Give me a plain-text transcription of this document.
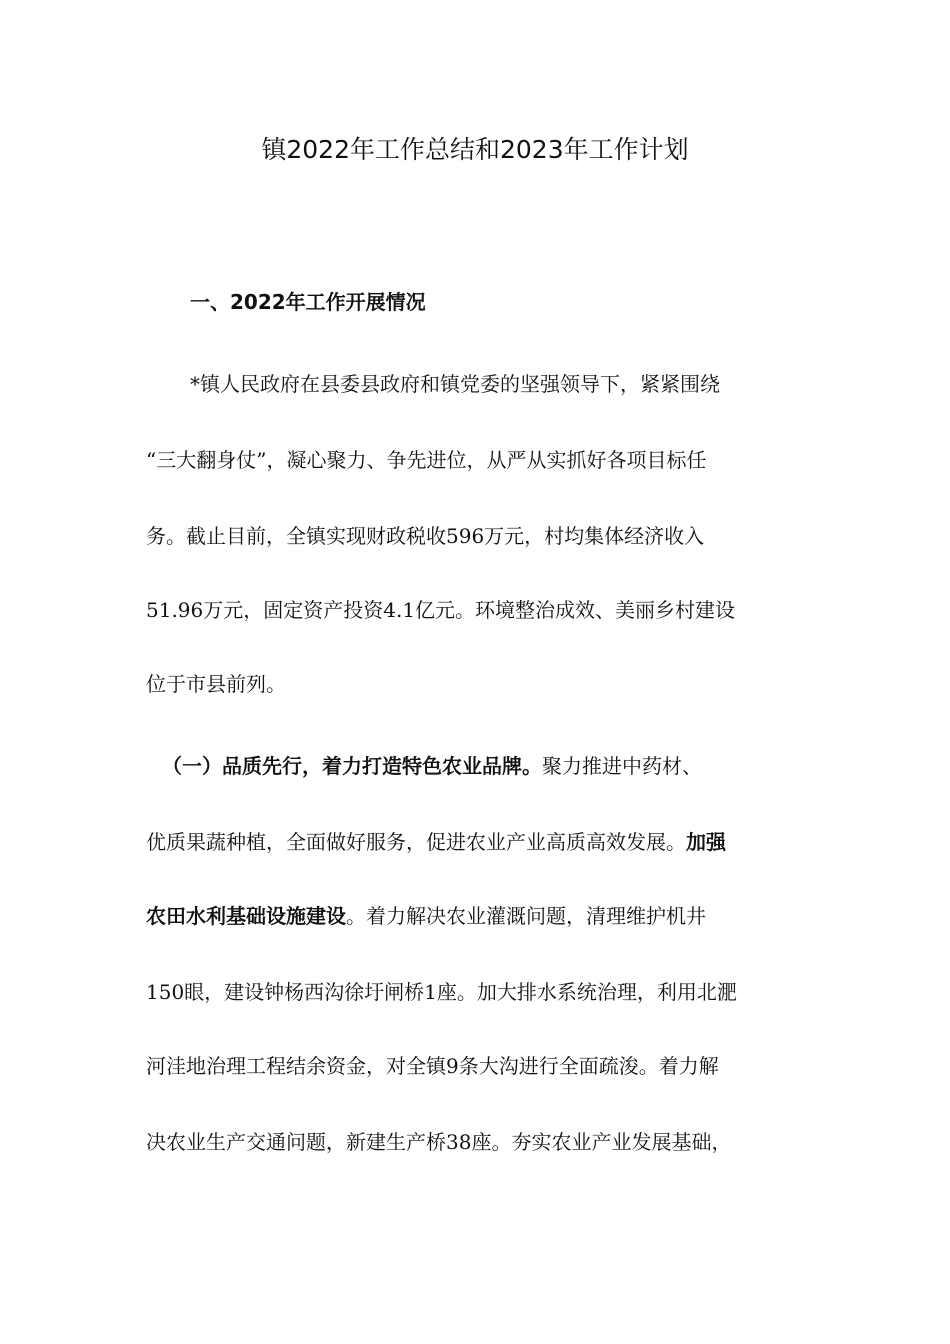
镇2022年工作总结和2023年工作计划
一、2022年工作开展情况
*镇人民政府在县委县政府和镇党委的坚强领导下，紧紧围绕
“三大翻身仗”，凝心聚力、争先进位，从严从实抓好各项目标任
务。截止目前，全镇实现财政税收596万元，村均集体经济收入
51.96万元，固定资产投资4.1亿元。环境整治成效、美丽乡村建设
位于市县前列。
（一）品质先行，着力打造特色农业品牌。聚力推进中药材、
优质果蔬种植，全面做好服务，促进农业产业高质高效发展。加强
农田水利基础设施建设。着力解决农业灌溉问题，清理维护机井
150眼，建设钟杨西沟徐圩闸桥1座。加大排水系统治理，利用北淝
河洼地治理工程结余资金，对全镇9条大沟进行全面疏浚。着力解
决农业生产交通问题，新建生产桥38座。夯实农业产业发展基础，
